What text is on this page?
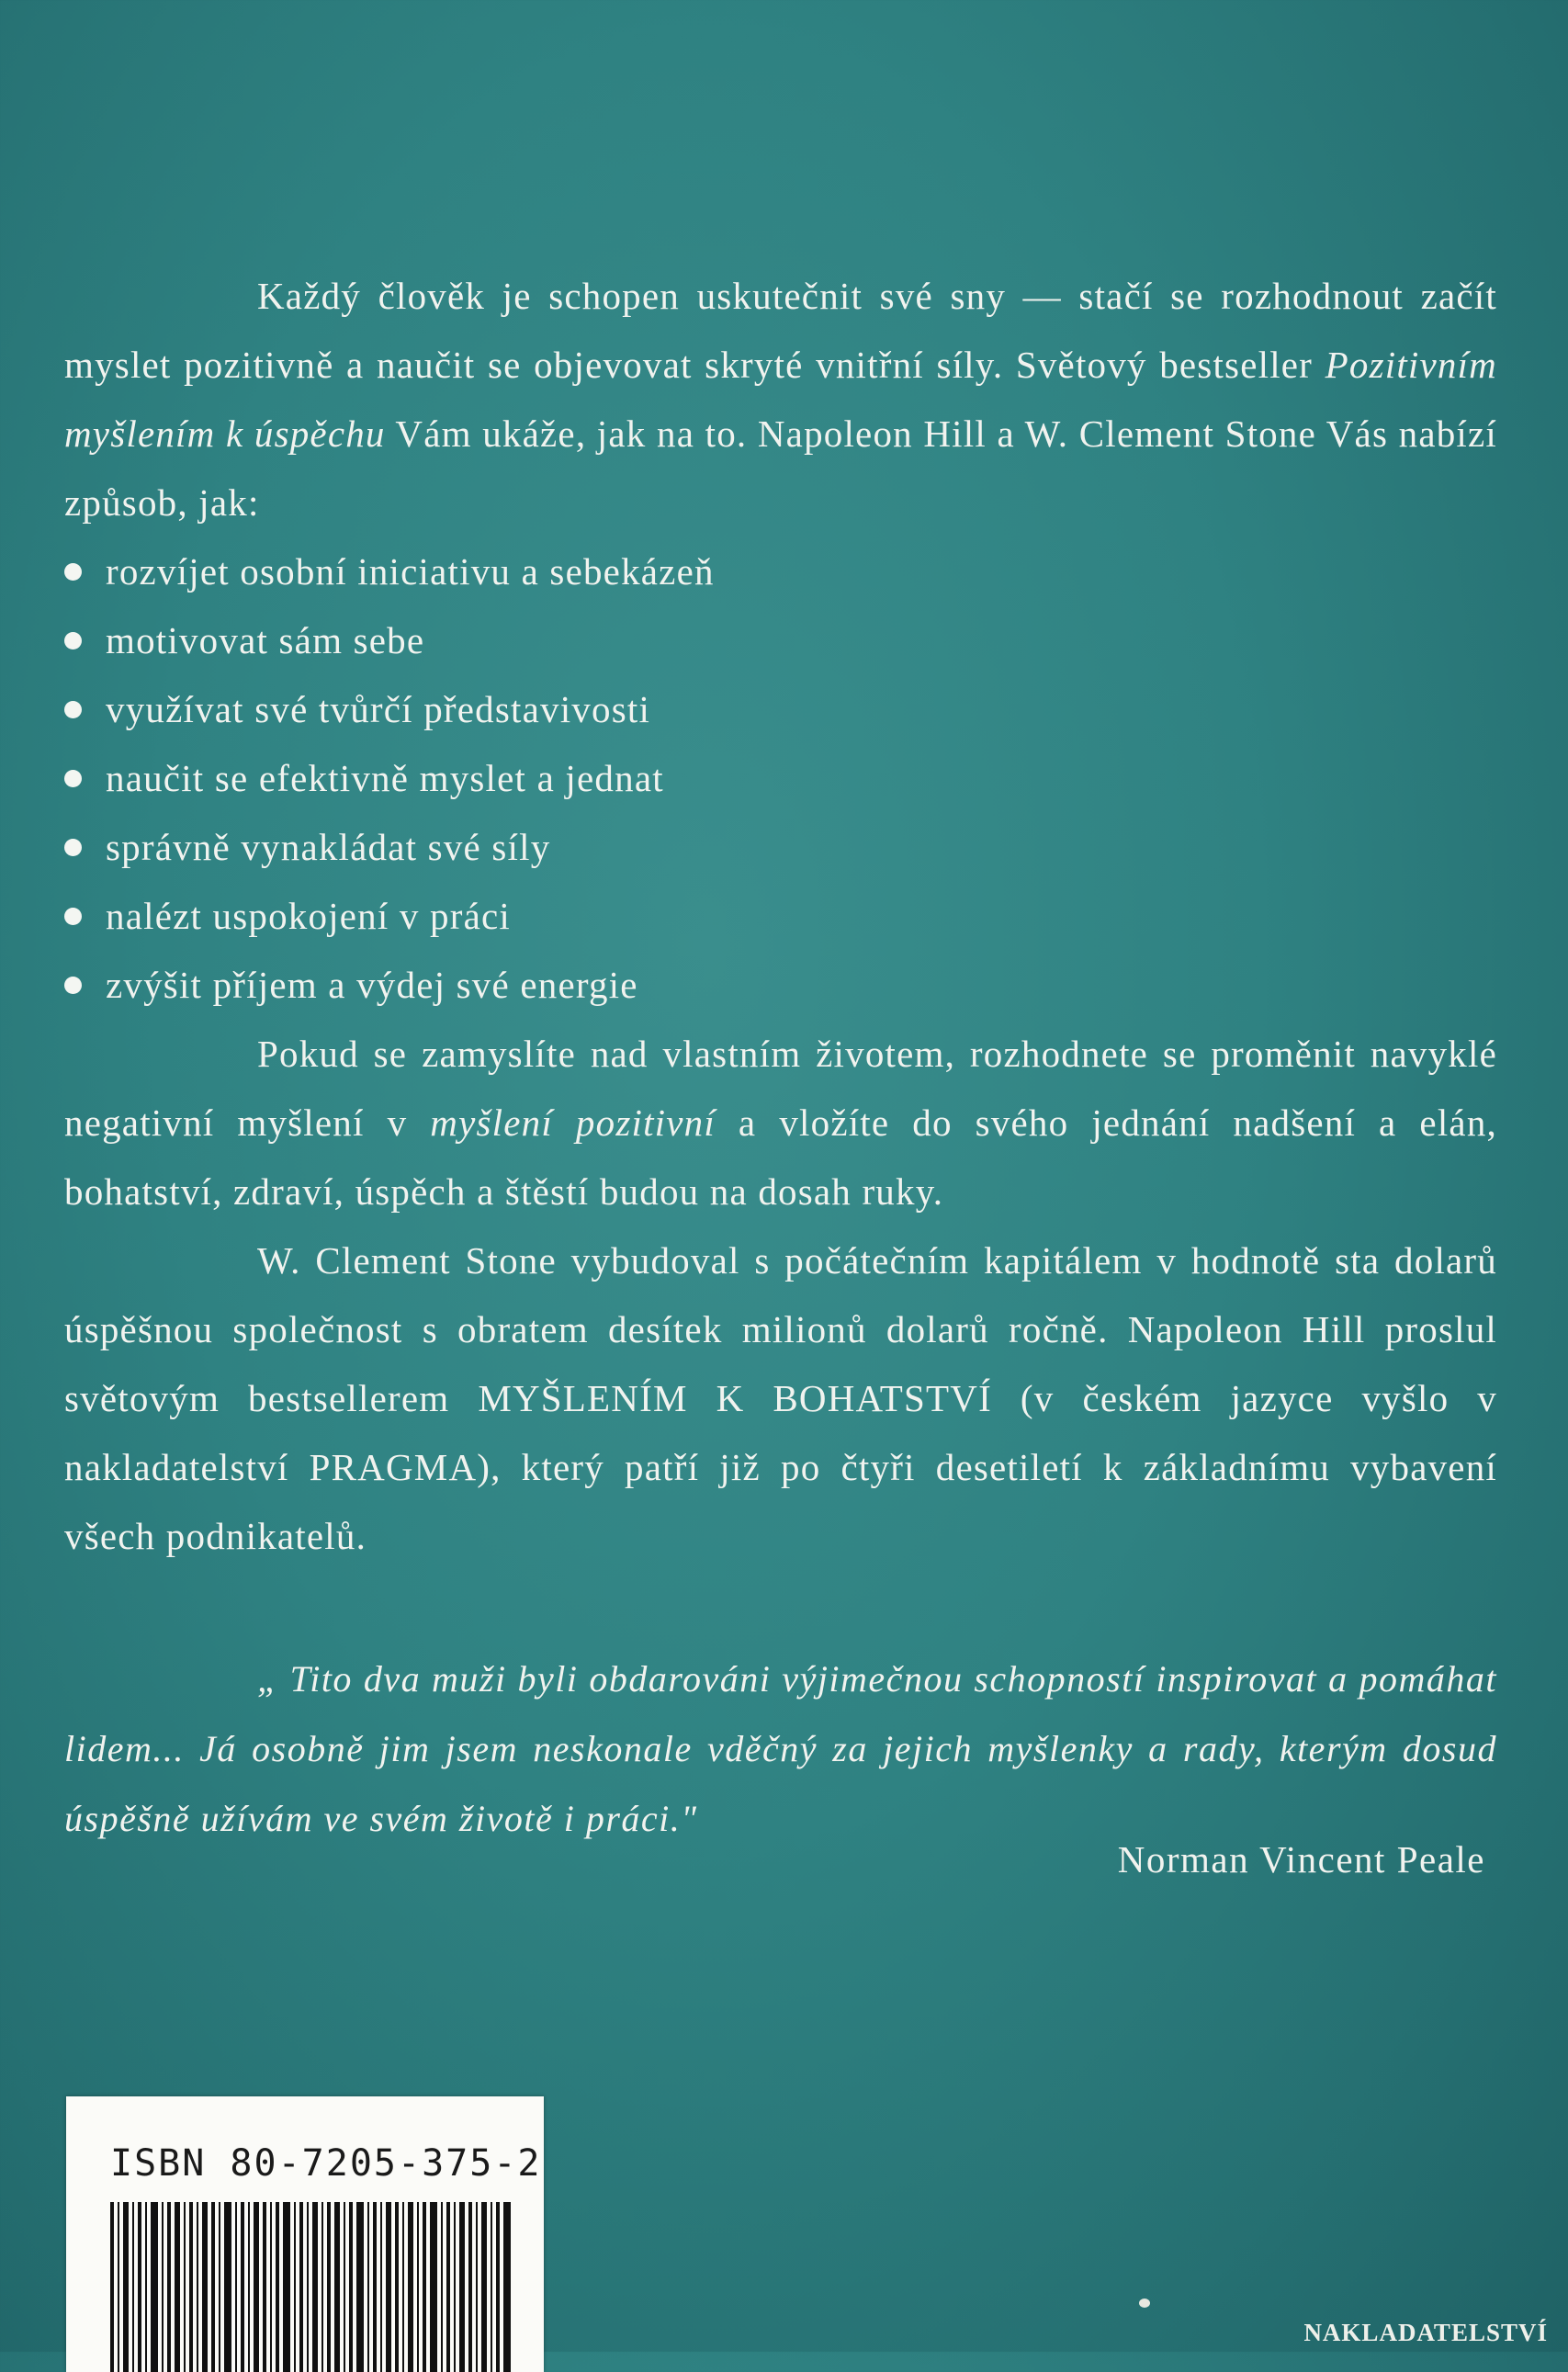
Každý člověk je schopen uskutečnit své sny — stačí se rozhodnout začít myslet pozitivně a naučit se objevovat skryté vnitřní síly. Světový bestseller Pozitivním myšlením k úspěchu Vám ukáže, jak na to. Napoleon Hill a W. Clement Stone Vás nabízí způsob, jak:

rozvíjet osobní iniciativu a sebekázeň
motivovat sám sebe
využívat své tvůrčí představivosti
naučit se efektivně myslet a jednat
správně vynakládat své síly
nalézt uspokojení v práci
zvýšit příjem a výdej své energie

Pokud se zamyslíte nad vlastním životem, rozhodnete se proměnit navyklé negativní myšlení v myšlení pozitivní a vložíte do svého jednání nadšení a elán, bohatství, zdraví, úspěch a štěstí budou na dosah ruky.

W. Clement Stone vybudoval s počátečním kapitálem v hodnotě sta dolarů úspěšnou společnost s obratem desítek milionů dolarů ročně. Napoleon Hill proslul světovým bestsellerem MYŠLENÍM K BOHATSTVÍ (v českém jazyce vyšlo v nakladatelství PRAGMA), který patří již po čtyři desetiletí k základnímu vybavení všech podnikatelů.

„ Tito dva muži byli obdarováni výjimečnou schopností inspirovat a pomáhat lidem... Já osobně jim jsem neskonale vděčný za jejich myšlenky a rady, kterým dosud úspěšně užívám ve svém životě i práci."

Norman Vincent Peale
ISBN 80-7205-375-2
NAKLADATELSTVÍ
